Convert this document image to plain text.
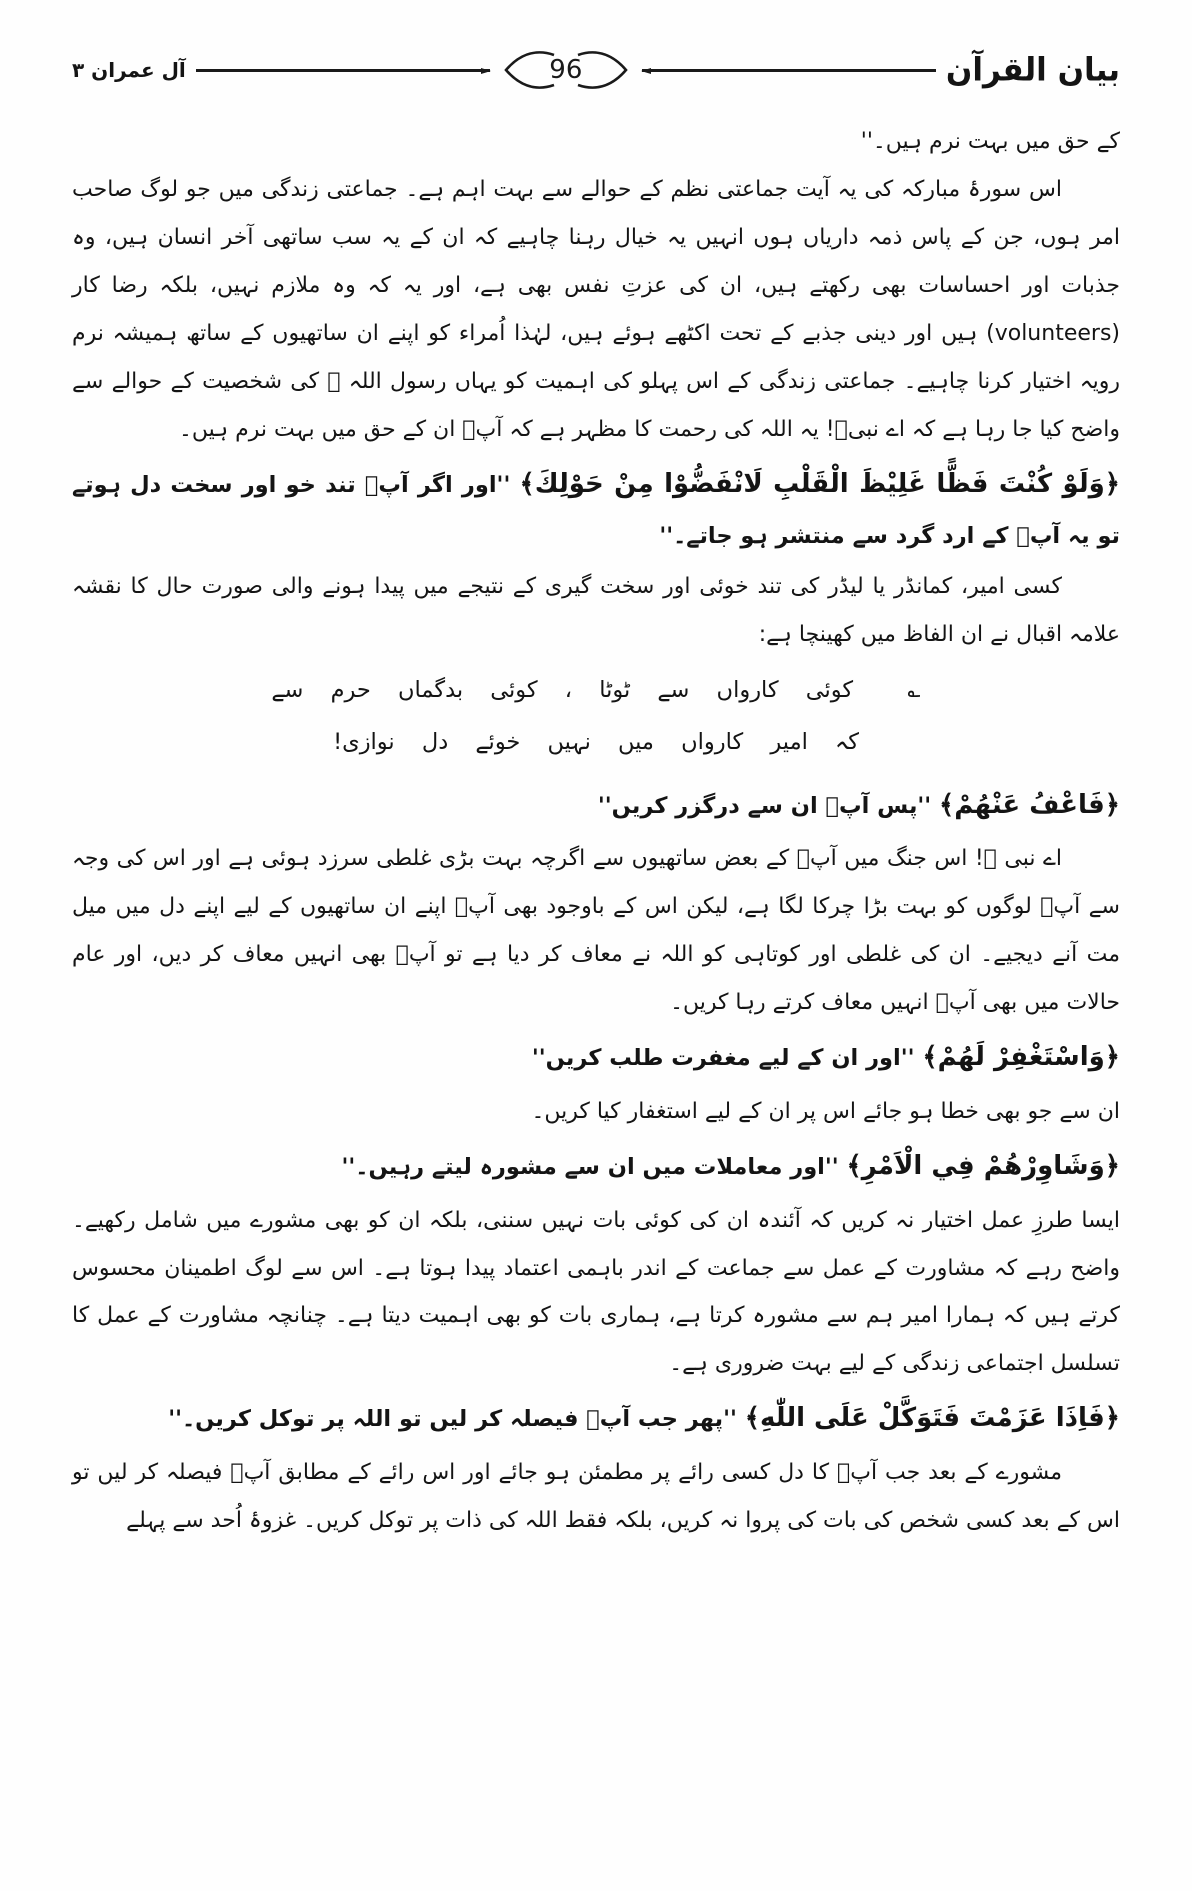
بیان القرآن
96
آل عمران ۳

کے حق میں بہت نرم ہیں۔''

اس سورۂ مبارکہ کی یہ آیت جماعتی نظم کے حوالے سے بہت اہم ہے۔ جماعتی زندگی میں جو لوگ صاحب امر ہوں، جن کے پاس ذمہ داریاں ہوں انہیں یہ خیال رہنا چاہیے کہ ان کے یہ سب ساتھی آخر انسان ہیں، وہ جذبات اور احساسات بھی رکھتے ہیں، ان کی عزتِ نفس بھی ہے، اور یہ کہ وہ ملازم نہیں، بلکہ رضا کار (volunteers) ہیں اور دینی جذبے کے تحت اکٹھے ہوئے ہیں، لہٰذا اُمراء کو اپنے ان ساتھیوں کے ساتھ ہمیشہ نرم رویہ اختیار کرنا چاہیے۔ جماعتی زندگی کے اس پہلو کی اہمیت کو یہاں رسول اللہ ﷺ کی شخصیت کے حوالے سے واضح کیا جا رہا ہے کہ اے نبیؐ! یہ اللہ کی رحمت کا مظہر ہے کہ آپؐ ان کے حق میں بہت نرم ہیں۔

﴿وَلَوْ كُنْتَ فَظًّا غَلِيْظَ الْقَلْبِ لَانْفَضُّوْا مِنْ حَوْلِكَ﴾ ''اور اگر آپؐ تند خو اور سخت دل ہوتے تو یہ آپؐ کے ارد گرد سے منتشر ہو جاتے۔''

کسی امیر، کمانڈر یا لیڈر کی تند خوئی اور سخت گیری کے نتیجے میں پیدا ہونے والی صورت حال کا نقشہ علامہ اقبال نے ان الفاظ میں کھینچا ہے:

؎  کوئی کارواں سے ٹوٹا ، کوئی بدگماں حرم سے
کہ امیر کارواں میں نہیں خوئے دل نوازی!

﴿فَاعْفُ عَنْهُمْ﴾ ''پس آپؐ ان سے درگزر کریں''

اے نبی ﷺ! اس جنگ میں آپؐ کے بعض ساتھیوں سے اگرچہ بہت بڑی غلطی سرزد ہوئی ہے اور اس کی وجہ سے آپؐ لوگوں کو بہت بڑا چرکا لگا ہے، لیکن اس کے باوجود بھی آپؐ اپنے ان ساتھیوں کے لیے اپنے دل میں میل مت آنے دیجیے۔ ان کی غلطی اور کوتاہی کو اللہ نے معاف کر دیا ہے تو آپؐ بھی انہیں معاف کر دیں، اور عام حالات میں بھی آپؐ انہیں معاف کرتے رہا کریں۔

﴿وَاسْتَغْفِرْ لَهُمْ﴾ ''اور ان کے لیے مغفرت طلب کریں''

ان سے جو بھی خطا ہو جائے اس پر ان کے لیے استغفار کیا کریں۔

﴿وَشَاوِرْهُمْ فِي الْاَمْرِ﴾ ''اور معاملات میں ان سے مشورہ لیتے رہیں۔''

ایسا طرزِ عمل اختیار نہ کریں کہ آئندہ ان کی کوئی بات نہیں سننی، بلکہ ان کو بھی مشورے میں شامل رکھیے۔ واضح رہے کہ مشاورت کے عمل سے جماعت کے اندر باہمی اعتماد پیدا ہوتا ہے۔ اس سے لوگ اطمینان محسوس کرتے ہیں کہ ہمارا امیر ہم سے مشورہ کرتا ہے، ہماری بات کو بھی اہمیت دیتا ہے۔ چنانچہ مشاورت کے عمل کا تسلسل اجتماعی زندگی کے لیے بہت ضروری ہے۔

﴿فَاِذَا عَزَمْتَ فَتَوَكَّلْ عَلَى اللّٰهِ﴾ ''پھر جب آپؐ فیصلہ کر لیں تو اللہ پر توکل کریں۔''

مشورے کے بعد جب آپؐ کا دل کسی رائے پر مطمئن ہو جائے اور اس رائے کے مطابق آپؐ فیصلہ کر لیں تو اس کے بعد کسی شخص کی بات کی پروا نہ کریں، بلکہ فقط اللہ کی ذات پر توکل کریں۔ غزوۂ اُحد سے پہلے
